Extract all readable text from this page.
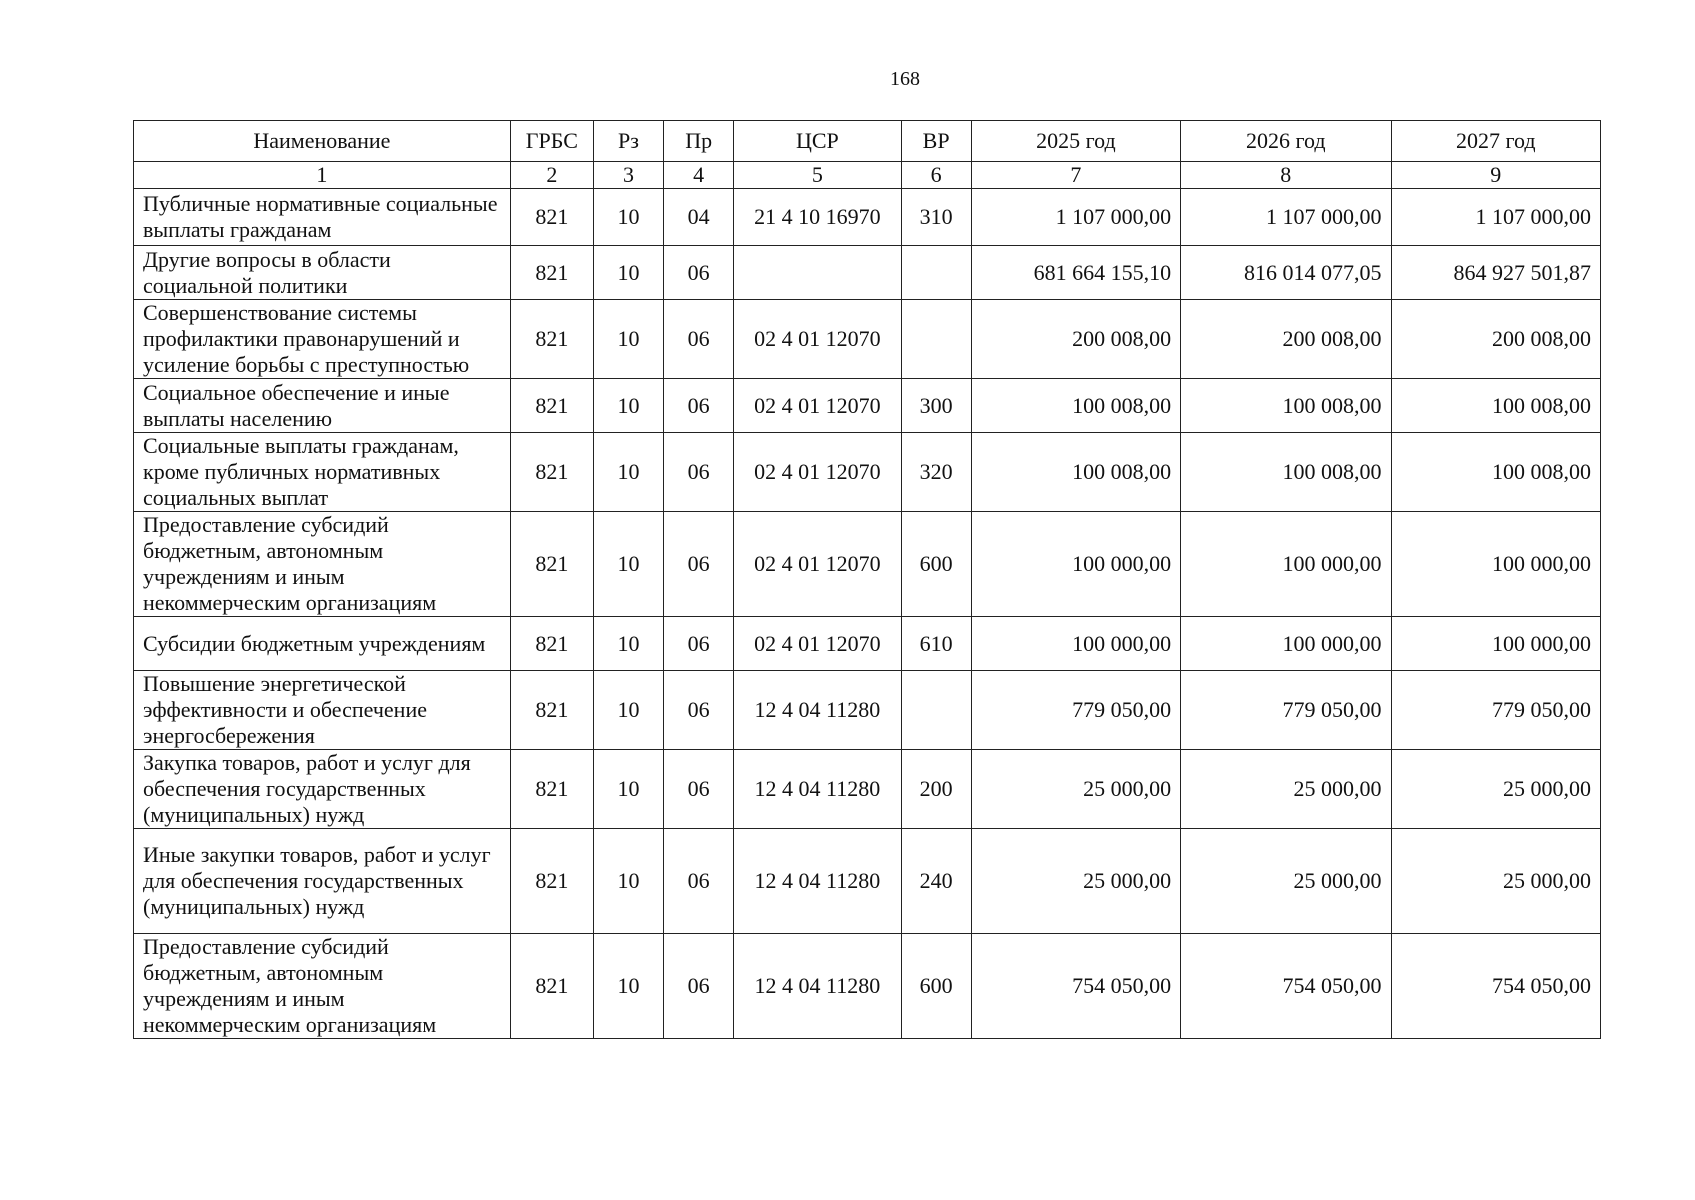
168
Наименование	ГРБС	Рз	Пр	ЦСР	ВР	2025 год	2026 год	2027 год
1	2	3	4	5	6	7	8	9
Публичные нормативные социальные выплаты гражданам	821	10	04	21 4 10 16970	310	1 107 000,00	1 107 000,00	1 107 000,00
Другие вопросы в области социальной политики	821	10	06			681 664 155,10	816 014 077,05	864 927 501,87
Совершенствование системы профилактики правонарушений и усиление борьбы с преступностью	821	10	06	02 4 01 12070		200 008,00	200 008,00	200 008,00
Социальное обеспечение и иные выплаты населению	821	10	06	02 4 01 12070	300	100 008,00	100 008,00	100 008,00
Социальные выплаты гражданам, кроме публичных нормативных социальных выплат	821	10	06	02 4 01 12070	320	100 008,00	100 008,00	100 008,00
Предоставление субсидий бюджетным, автономным учреждениям и иным некоммерческим организациям	821	10	06	02 4 01 12070	600	100 000,00	100 000,00	100 000,00
Субсидии бюджетным учреждениям	821	10	06	02 4 01 12070	610	100 000,00	100 000,00	100 000,00
Повышение энергетической эффективности и обеспечение энергосбережения	821	10	06	12 4 04 11280		779 050,00	779 050,00	779 050,00
Закупка товаров, работ и услуг для обеспечения государственных (муниципальных) нужд	821	10	06	12 4 04 11280	200	25 000,00	25 000,00	25 000,00
Иные закупки товаров, работ и услуг для обеспечения государственных (муниципальных) нужд	821	10	06	12 4 04 11280	240	25 000,00	25 000,00	25 000,00
Предоставление субсидий бюджетным, автономным учреждениям и иным некоммерческим организациям	821	10	06	12 4 04 11280	600	754 050,00	754 050,00	754 050,00
